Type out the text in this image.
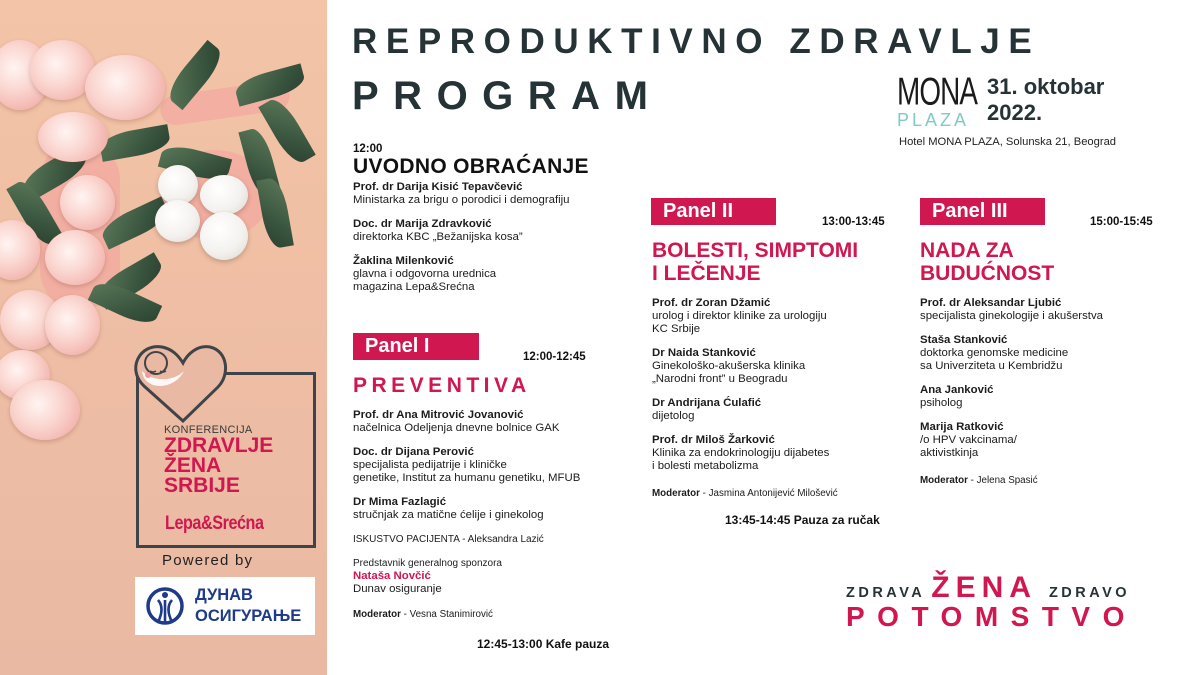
KONFERENCIJA
ZDRAVLJE
ŽENA
SRBIJE
Lepa&Srećna
Powered by
ДУНАВ
ОСИГУРАЊЕ
REPRODUKTIVNO ZDRAVLJE
PROGRAM	MONA
PLAZA
31. oktobar
2022.
Hotel MONA PLAZA, Solunska 21, Beograd
12:00
UVODNO OBRAĆANJE
Prof. dr Darija Kisić Tepavčević
Ministarka za brigu o porodici i demografiju
Doc. dr Marija Zdravković
direktorka KBC „Bežanijska kosa”
Žaklina Milenković
glavna i odgovorna urednica
magazina Lepa&Srećna
Panel I	12:00-12:45
PREVENTIVA
Prof. dr Ana Mitrović Jovanović
načelnica Odeljenja dnevne bolnice GAK
Doc. dr Dijana Perović
specijalista pedijatrije i kliničke
genetike, Institut za humanu genetiku, MFUB
Dr Mima Fazlagić
stručnjak za matične ćelije i ginekolog
ISKUSTVO PACIJENTA - Aleksandra Lazić
Predstavnik generalnog sponzora
Nataša Novčić
Dunav osiguranje
Moderator - Vesna Stanimirović
12:45-13:00 Kafe pauza
Panel II	13:00-13:45
BOLESTI, SIMPTOMI
I LEČENJE
Prof. dr Zoran Džamić
urolog i direktor klinike za urologiju
KC Srbije
Dr Naida Stanković
Ginekološko-akušerska klinika
„Narodni front” u Beogradu
Dr Andrijana Ćulafić
dijetolog
Prof. dr Miloš Žarković
Klinika za endokrinologiju dijabetes
i bolesti metabolizma
Moderator - Jasmina Antonijević Milošević
13:45-14:45 Pauza za ručak
Panel III	15:00-15:45
NADA ZA
BUDUĆNOST
Prof. dr Aleksandar Ljubić
specijalista ginekologije i akušerstva
Staša Stanković
doktorka genomske medicine
sa Univerziteta u Kembridžu
Ana Janković
psiholog
Marija Ratković
/o HPV vakcinama/
aktivistkinja
Moderator - Jelena Spasić
ZDRAVA ŽENA ZDRAVO
POTOMSTVO
